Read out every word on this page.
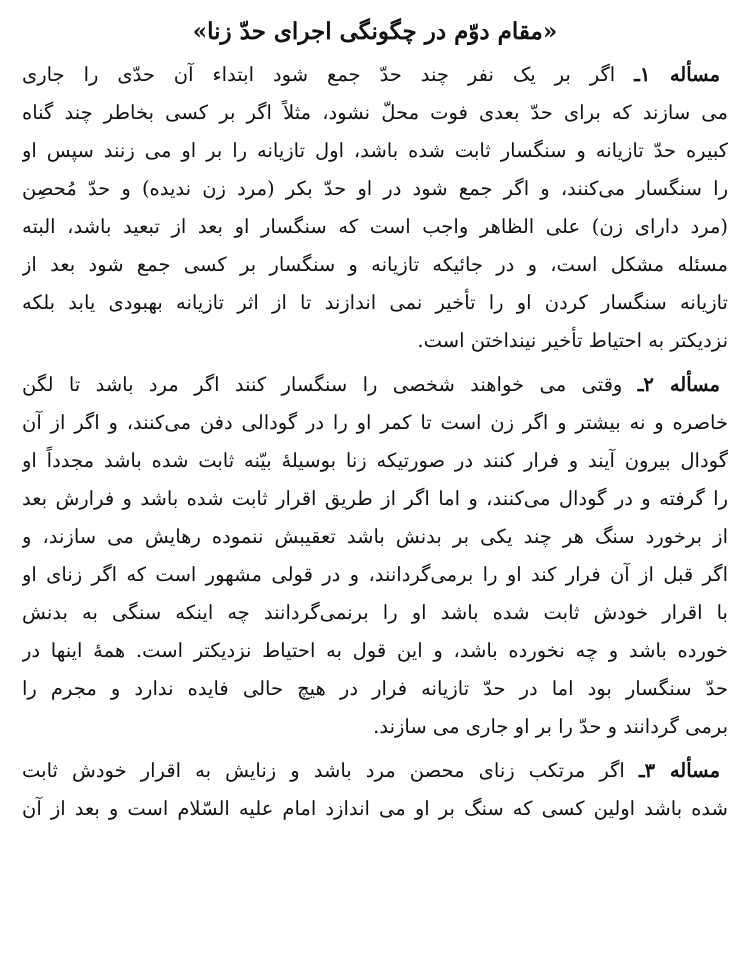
«مقام دوّم در چگونگی اجرای حدّ زنا»
مسأله ۱ـ اگر بر یک نفر چند حدّ جمع شود ابتداء آن حدّی را جاری
می سازند که برای حدّ بعدی فوت محلّ نشود، مثلاً اگر بر کسی بخاطر چند گناه
کبیره حدّ تازیانه و سنگسار ثابت شده باشد، اول تازیانه را بر او می زنند سپس او
را سنگسار می‌کنند، و اگر جمع شود در او حدّ بکر (مرد زن ندیده) و حدّ مُحصِن
(مرد دارای زن) علی الظاهر واجب است که سنگسار او بعد از تبعید باشد، البته
مسئله مشکل است، و در جائیکه تازیانه و سنگسار بر کسی جمع شود بعد از
تازیانه سنگسار کردن او را تأخیر نمی اندازند تا از اثر تازیانه بهبودی یابد بلکه
نزدیکتر به احتیاط تأخیر نینداختن است.
مسأله ۲ـ وقتی می خواهند شخصی را سنگسار کنند اگر مرد باشد تا لگن
خاصره و نه بیشتر و اگر زن است تا کمر او را در گودالی دفن می‌کنند، و اگر از آن
گودال بیرون آیند و فرار کنند در صورتیکه زنا بوسیلهٔ بیّنه ثابت شده باشد مجدداً او
را گرفته و در گودال می‌کنند، و اما اگر از طریق اقرار ثابت شده باشد و فرارش بعد
از برخورد سنگ هر چند یکی بر بدنش باشد تعقیبش ننموده رهایش می سازند، و
اگر قبل از آن فرار کند او را برمی‌گردانند، و در قولی مشهور است که اگر زنای او
با اقرار خودش ثابت شده باشد او را برنمی‌گردانند چه اینکه سنگی به بدنش
خورده باشد و چه نخورده باشد، و این قول به احتیاط نزدیکتر است. همهٔ اینها در
حدّ سنگسار بود اما در حدّ تازیانه فرار در هیچ حالی فایده ندارد و مجرم را
برمی گردانند و حدّ را بر او جاری می سازند.
مسأله ۳ـ اگر مرتکب زنای محصن مرد باشد و زنایش به اقرار خودش ثابت
شده باشد اولین کسی که سنگ بر او می اندازد امام علیه السّلام است و بعد از آن
